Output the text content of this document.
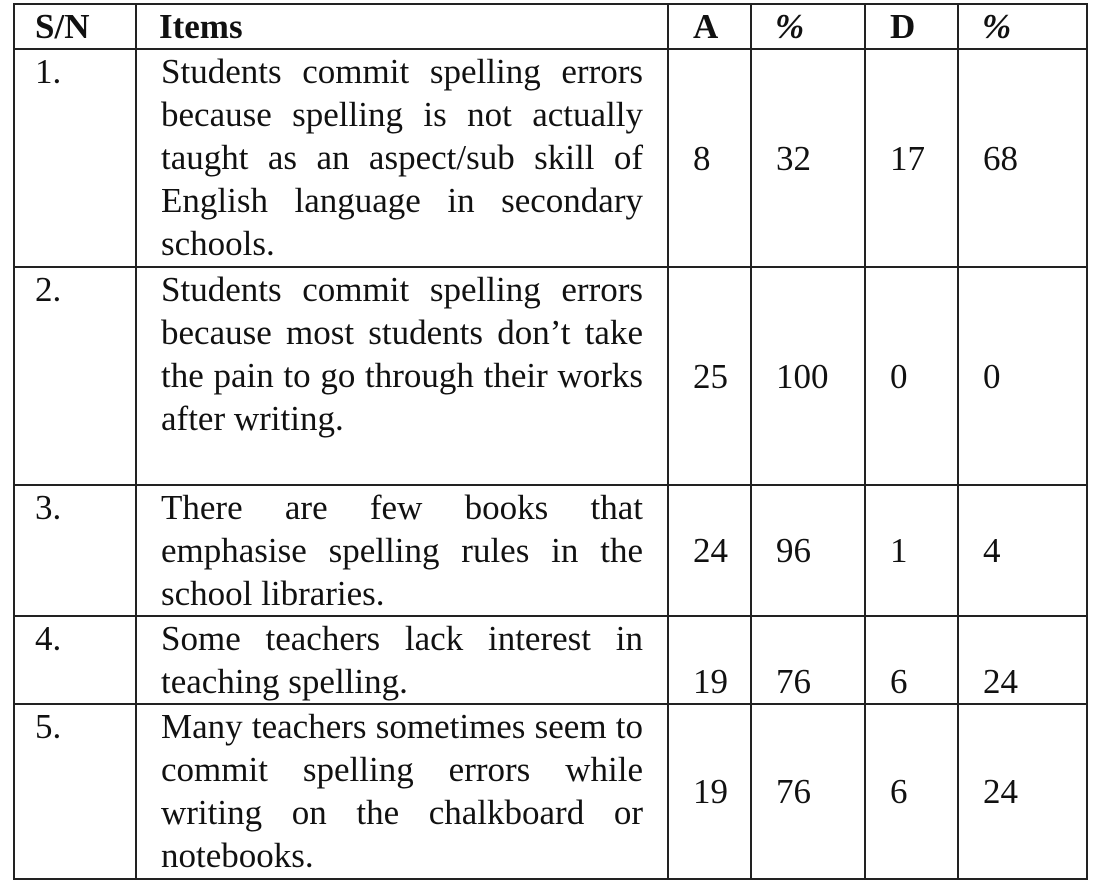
S/N	Items	A	%	D	%
1.	Students commit spelling errors because spelling is not actually taught as an aspect/sub skill of English language in secondary schools.	8	32	17	68
2.	Students commit spelling errors because most students don’t take the pain to go through their works after writing.	25	100	0	0
3.	There are few books that emphasise spelling rules in the school libraries.	24	96	1	4
4.	Some teachers lack interest in teaching spelling.	19	76	6	24
5.	Many teachers sometimes seem to commit spelling errors while writing on the chalkboard or notebooks.	19	76	6	24
